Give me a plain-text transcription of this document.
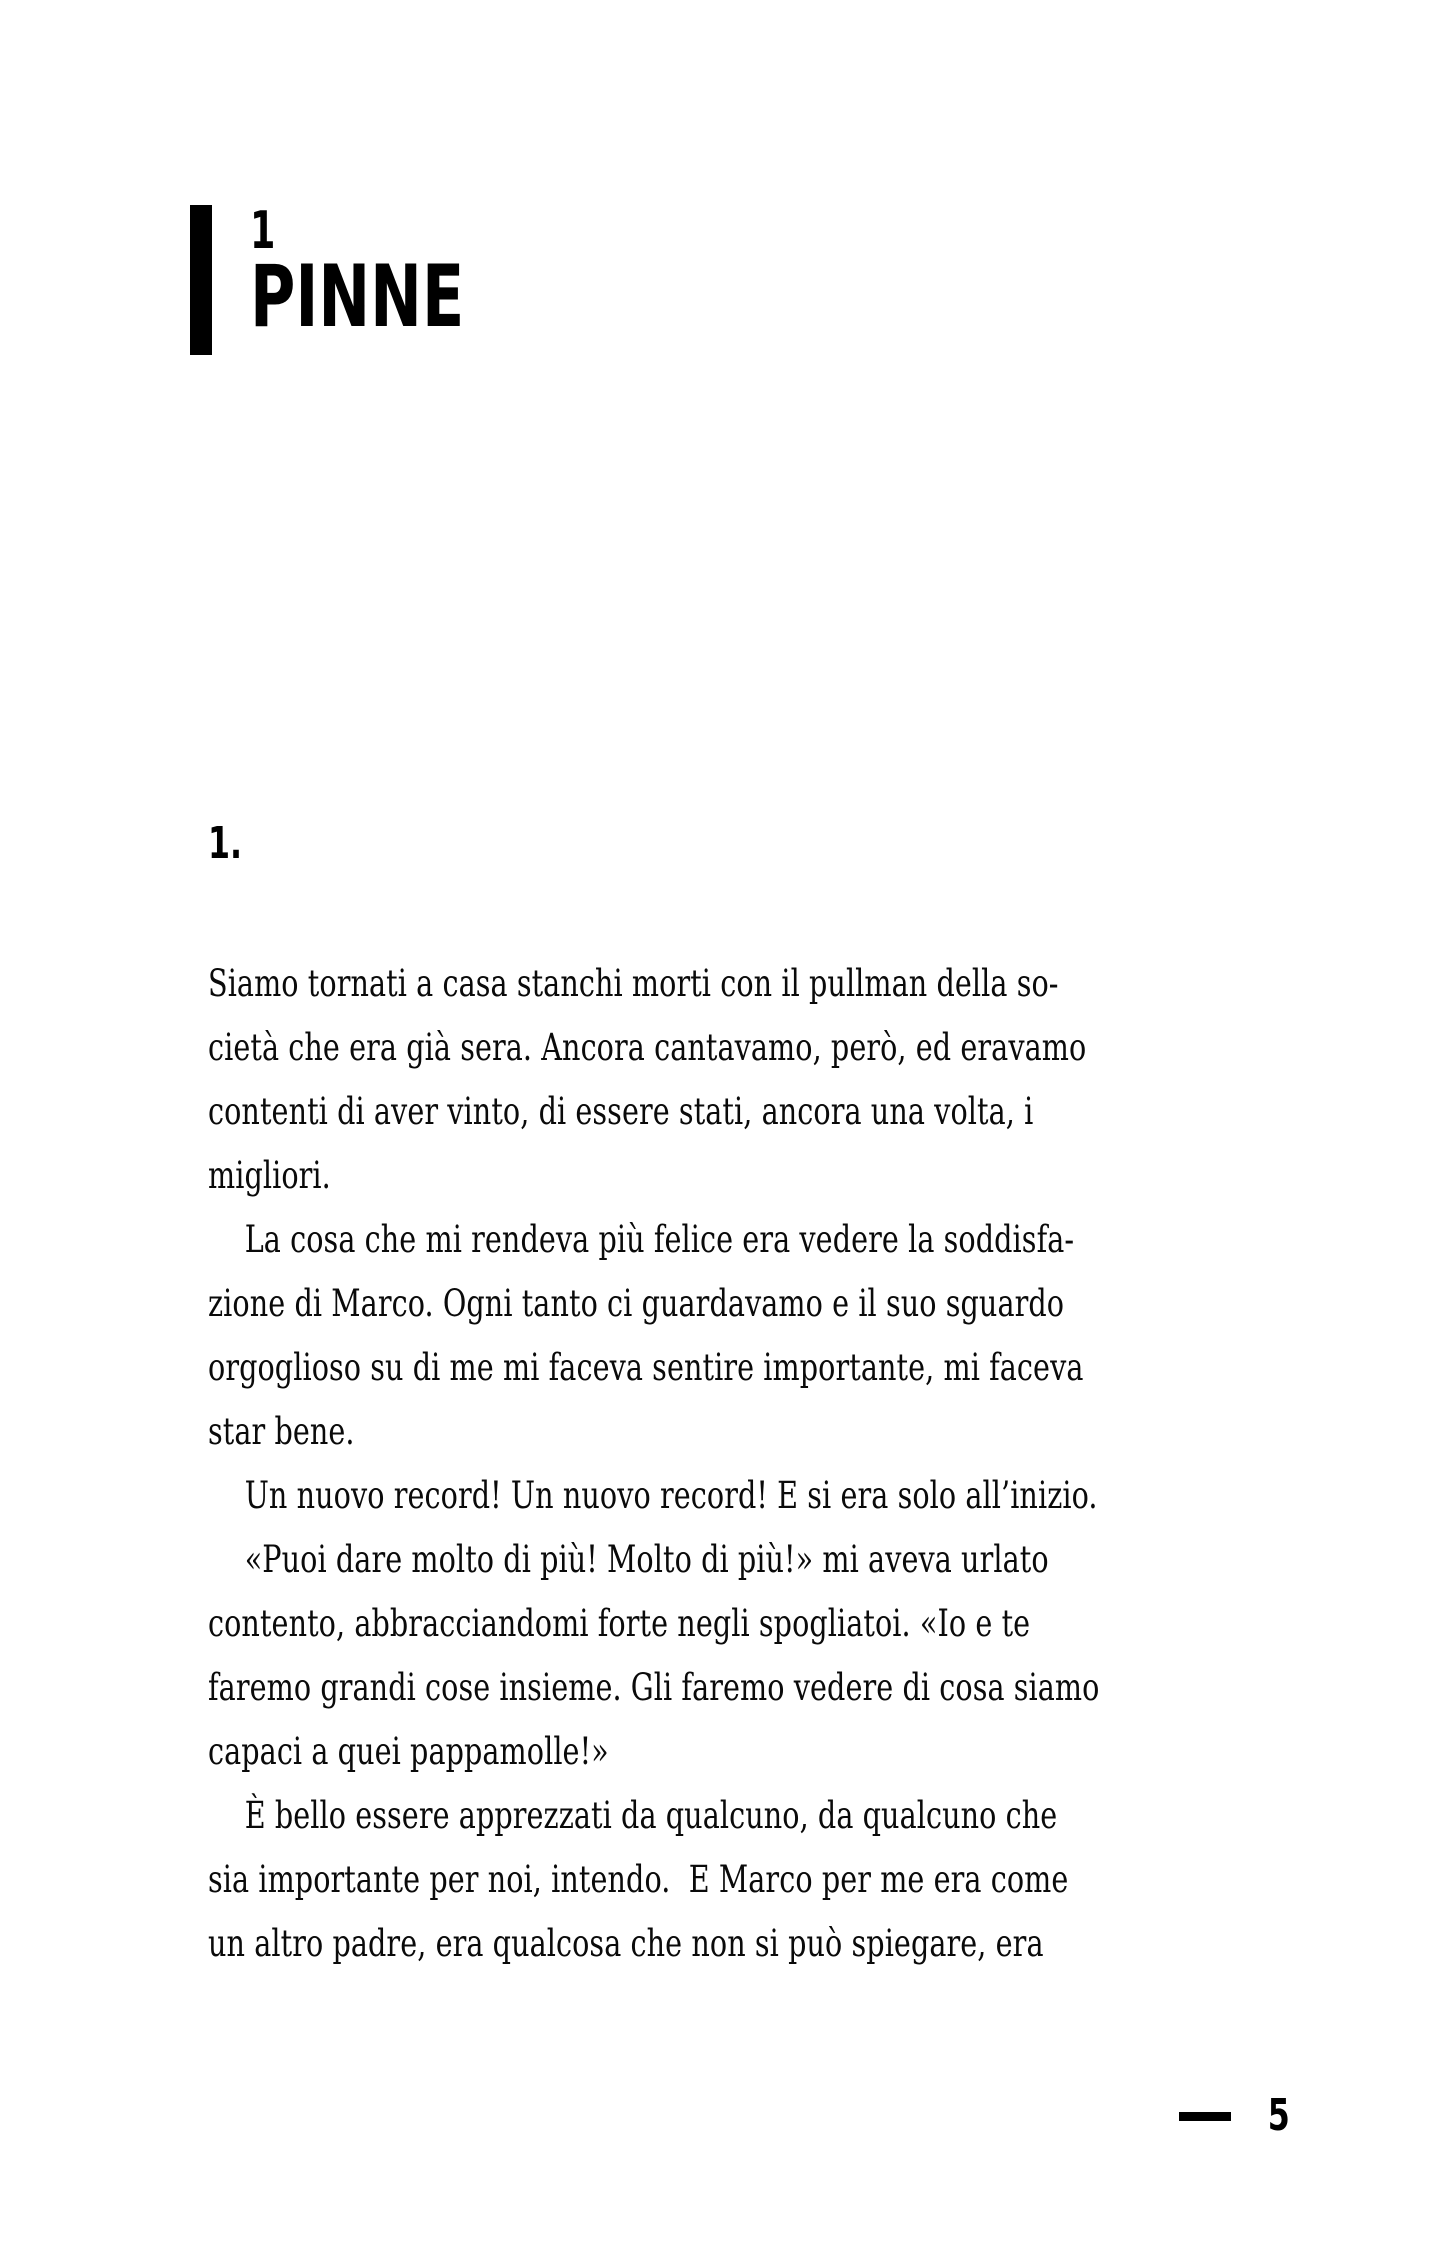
1
PINNE
1.
Siamo tornati a casa stanchi morti con il pullman della so-
cietà che era già sera. Ancora cantavamo, però, ed eravamo
contenti di aver vinto, di essere stati, ancora una volta, i
migliori.
La cosa che mi rendeva più felice era vedere la soddisfa-
zione di Marco. Ogni tanto ci guardavamo e il suo sguardo
orgoglioso su di me mi faceva sentire importante, mi faceva
star bene.
Un nuovo record! Un nuovo record! E si era solo all’inizio.
«Puoi dare molto di più! Molto di più!» mi aveva urlato
contento, abbracciandomi forte negli spogliatoi. «Io e te
faremo grandi cose insieme. Gli faremo vedere di cosa siamo
capaci a quei pappamolle!»
È bello essere apprezzati da qualcuno, da qualcuno che
sia importante per noi, intendo.  E Marco per me era come
un altro padre, era qualcosa che non si può spiegare, era
5
